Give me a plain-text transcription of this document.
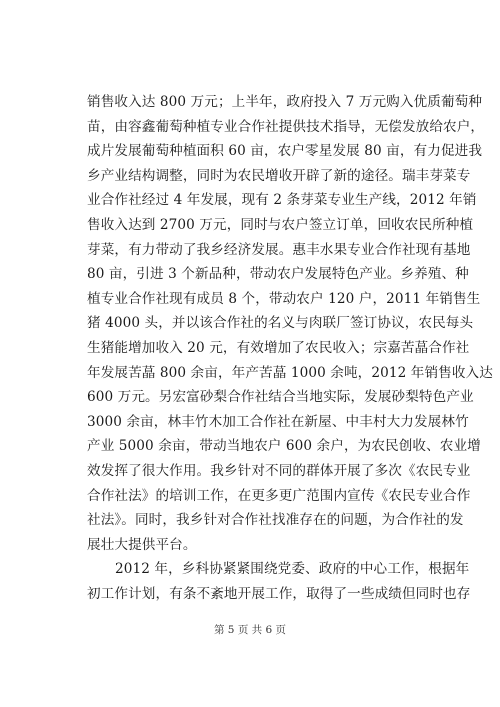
销售收入达 800 万元；上半年，政府投入 7 万元购入优质葡萄种
苗，由容鑫葡萄种植专业合作社提供技术指导，无偿发放给农户，
成片发展葡萄种植面积 60 亩，农户零星发展 80 亩，有力促进我
乡产业结构调整，同时为农民增收开辟了新的途径。瑞丰芽菜专
业合作社经过 4 年发展，现有 2 条芽菜专业生产线，2012 年销
售收入达到 2700 万元，同时与农户签立订单，回收农民所种植
芽菜，有力带动了我乡经济发展。惠丰水果专业合作社现有基地
80 亩，引进 3 个新品种，带动农户发展特色产业。乡养殖、种
植专业合作社现有成员 8 个，带动农户 120 户，2011 年销售生
猪 4000 头，并以该合作社的名义与肉联厂签订协议，农民每头
生猪能增加收入 20 元，有效增加了农民收入；宗嘉苦蕌合作社
年发展苦蕌 800 余亩，年产苦蕌 1000 余吨，2012 年销售收入达
600 万元。另宏富砂梨合作社结合当地实际，发展砂梨特色产业
3000 余亩，林丰竹木加工合作社在新屋、中丰村大力发展林竹
产业 5000 余亩，带动当地农户 600 余户，为农民创收、农业增
效发挥了很大作用。我乡针对不同的群体开展了多次《农民专业
合作社法》的培训工作，在更多更广范围内宣传《农民专业合作
社法》。同时，我乡针对合作社找准存在的问题，为合作社的发
展壮大提供平台。
2012 年，乡科协紧紧围绕党委、政府的中心工作，根据年
初工作计划，有条不紊地开展工作，取得了一些成绩但同时也存
第 5 页 共 6 页
